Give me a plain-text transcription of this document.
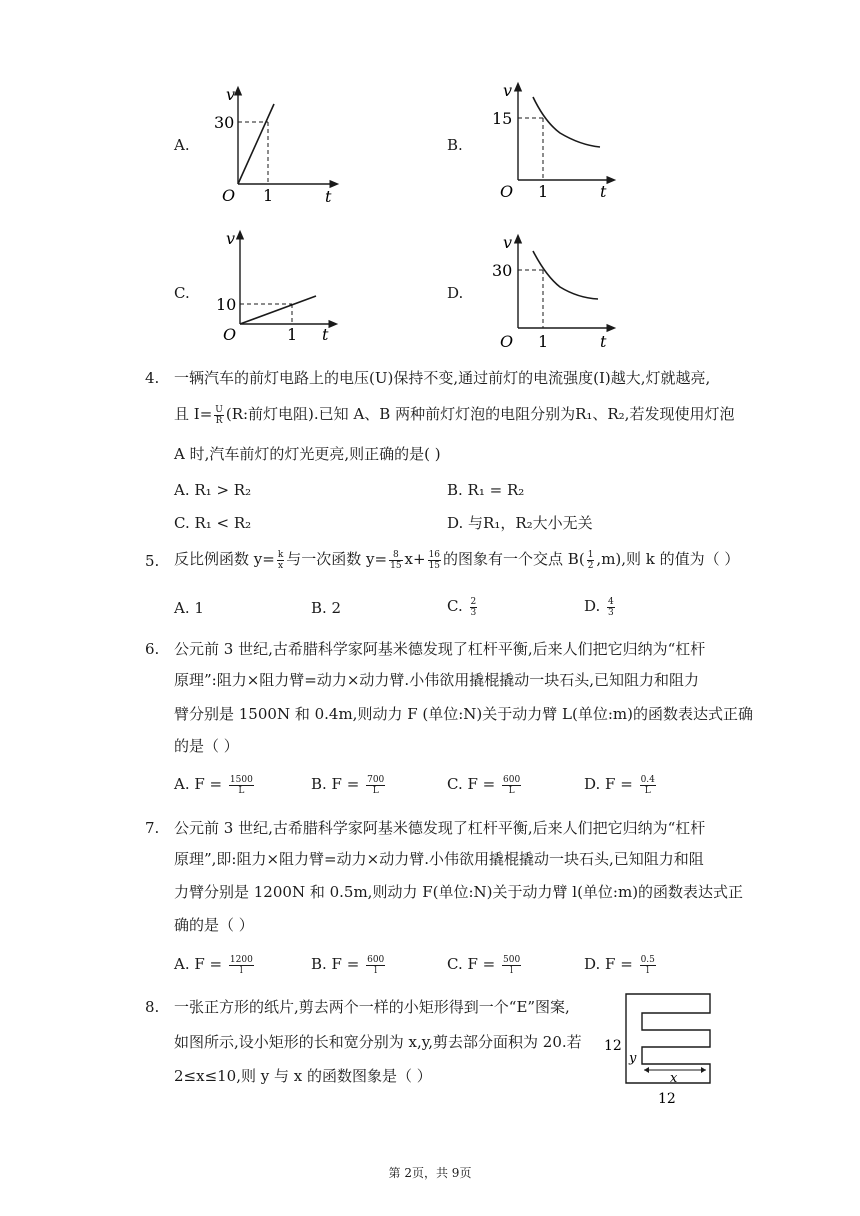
A.
v
t
O
30
1
B.
v
t
O
15
1
C.
v
t
O
10
1
D.
v
t
O
30
1
4. 一辆汽车的前灯电路上的电压(U)保持不变,通过前灯的电流强度(I)越大,灯就越亮,
且 $I= \frac{U}{R} (R$:前灯电阻).已知 A、B 两种前灯灯泡的电阻分别为R₁、R₂,若发现使用灯泡
A 时,汽车前灯的灯光更亮,则正确的是( )
A. R₁ > R₂	B. R₁ = R₂
C. R₁ < R₂	D. 与R₁，R₂大小无关
5. 反比例函数 $y= \frac{k}{x}$ 与一次函数 $y= \frac{8}{15} x+ \frac{16}{15}$ 的图象有一个交点 $B( \frac{1}{2} ,m)$,则 k 的值为（ ）
A. 1	B. 2	C. $\frac{2}{3}$	D. $\frac{4}{3}$
6. 公元前 3 世纪,古希腊科学家阿基米德发现了杠杆平衡,后来人们把它归纳为“杠杆
原理”:阻力×阻力臂=动力×动力臂.小伟欲用撬棍撬动一块石头,已知阻力和阻力
臂分别是 1500N 和 0.4m,则动力 F (单位:N)关于动力臂 L(单位:m)的函数表达式正确
的是（ ）
A. $F = \frac{1500}{L}$	B. $F = \frac{700}{L}$	C. $F = \frac{600}{L}$	D. $F = \frac{0.4}{L}$
7. 公元前 3 世纪,古希腊科学家阿基米德发现了杠杆平衡,后来人们把它归纳为“杠杆
原理”,即:阻力×阻力臂=动力×动力臂.小伟欲用撬棍撬动一块石头,已知阻力和阻
力臂分别是 1200N 和 0.5m,则动力 F(单位:N)关于动力臂 l(单位:m)的函数表达式正
确的是（ ）
A. $F = \frac{1200}{l}$	B. $F = \frac{600}{l}$	C. $F = \frac{500}{l}$	D. $F = \frac{0.5}{l}$
8. 一张正方形的纸片,剪去两个一样的小矩形得到一个“E”图案,
如图所示,设小矩形的长和宽分别为 x,y,剪去部分面积为 20.若
2≤x≤10,则 y 与 x 的函数图象是（ ）
12
12
x
y
第 2页，共 9页
